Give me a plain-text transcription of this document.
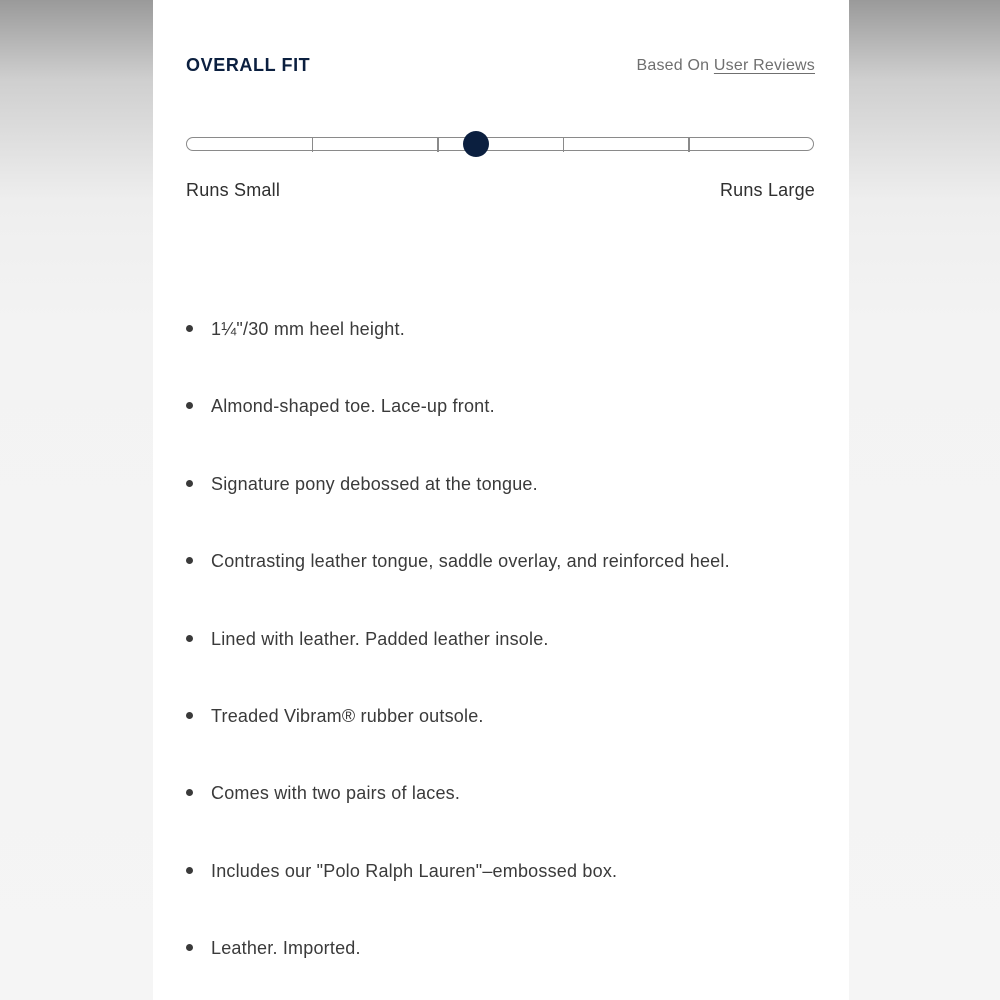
OVERALL FIT	Based On User Reviews
Runs Small	Runs Large
1¼"/30 mm heel height.
Almond-shaped toe. Lace-up front.
Signature pony debossed at the tongue.
Contrasting leather tongue, saddle overlay, and reinforced heel.
Lined with leather. Padded leather insole.
Treaded Vibram® rubber outsole.
Comes with two pairs of laces.
Includes our "Polo Ralph Lauren"–embossed box.
Leather. Imported.
